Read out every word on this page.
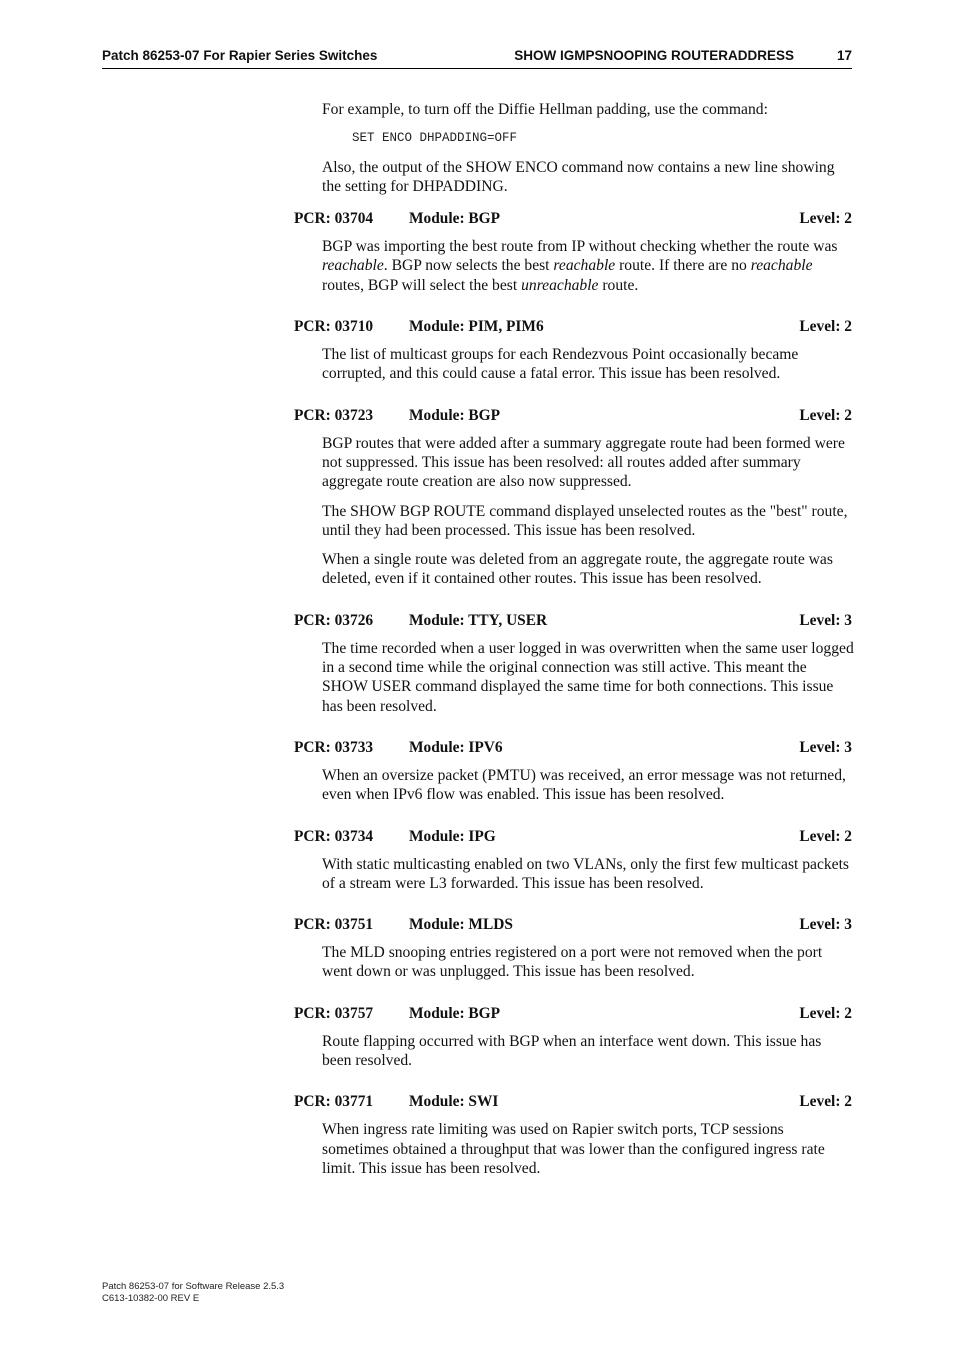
Patch 86253-07 For Rapier Series Switches	SHOW IGMPSNOOPING ROUTERADDRESS	17

For example, to turn off the Diffie Hellman padding, use the command:

SET ENCO DHPADDING=OFF

Also, the output of the SHOW ENCO command now contains a new line showing the setting for DHPADDING.

PCR: 03704 Module: BGP	Level: 2

BGP was importing the best route from IP without checking whether the route was reachable. BGP now selects the best reachable route. If there are no reachable routes, BGP will select the best unreachable route.

PCR: 03710 Module: PIM, PIM6	Level: 2

The list of multicast groups for each Rendezvous Point occasionally became corrupted, and this could cause a fatal error. This issue has been resolved.

PCR: 03723 Module: BGP	Level: 2

BGP routes that were added after a summary aggregate route had been formed were not suppressed. This issue has been resolved: all routes added after summary aggregate route creation are also now suppressed.

The SHOW BGP ROUTE command displayed unselected routes as the "best" route, until they had been processed. This issue has been resolved.

When a single route was deleted from an aggregate route, the aggregate route was deleted, even if it contained other routes. This issue has been resolved.

PCR: 03726 Module: TTY, USER	Level: 3

The time recorded when a user logged in was overwritten when the same user logged in a second time while the original connection was still active. This meant the SHOW USER command displayed the same time for both connections. This issue has been resolved.

PCR: 03733 Module: IPV6	Level: 3

When an oversize packet (PMTU) was received, an error message was not returned, even when IPv6 flow was enabled. This issue has been resolved.

PCR: 03734 Module: IPG	Level: 2

With static multicasting enabled on two VLANs, only the first few multicast packets of a stream were L3 forwarded. This issue has been resolved.

PCR: 03751 Module: MLDS	Level: 3

The MLD snooping entries registered on a port were not removed when the port went down or was unplugged. This issue has been resolved.

PCR: 03757 Module: BGP	Level: 2

Route flapping occurred with BGP when an interface went down. This issue has been resolved.

PCR: 03771 Module: SWI	Level: 2

When ingress rate limiting was used on Rapier switch ports, TCP sessions sometimes obtained a throughput that was lower than the configured ingress rate limit. This issue has been resolved.

Patch 86253-07 for Software Release 2.5.3
C613-10382-00 REV E
